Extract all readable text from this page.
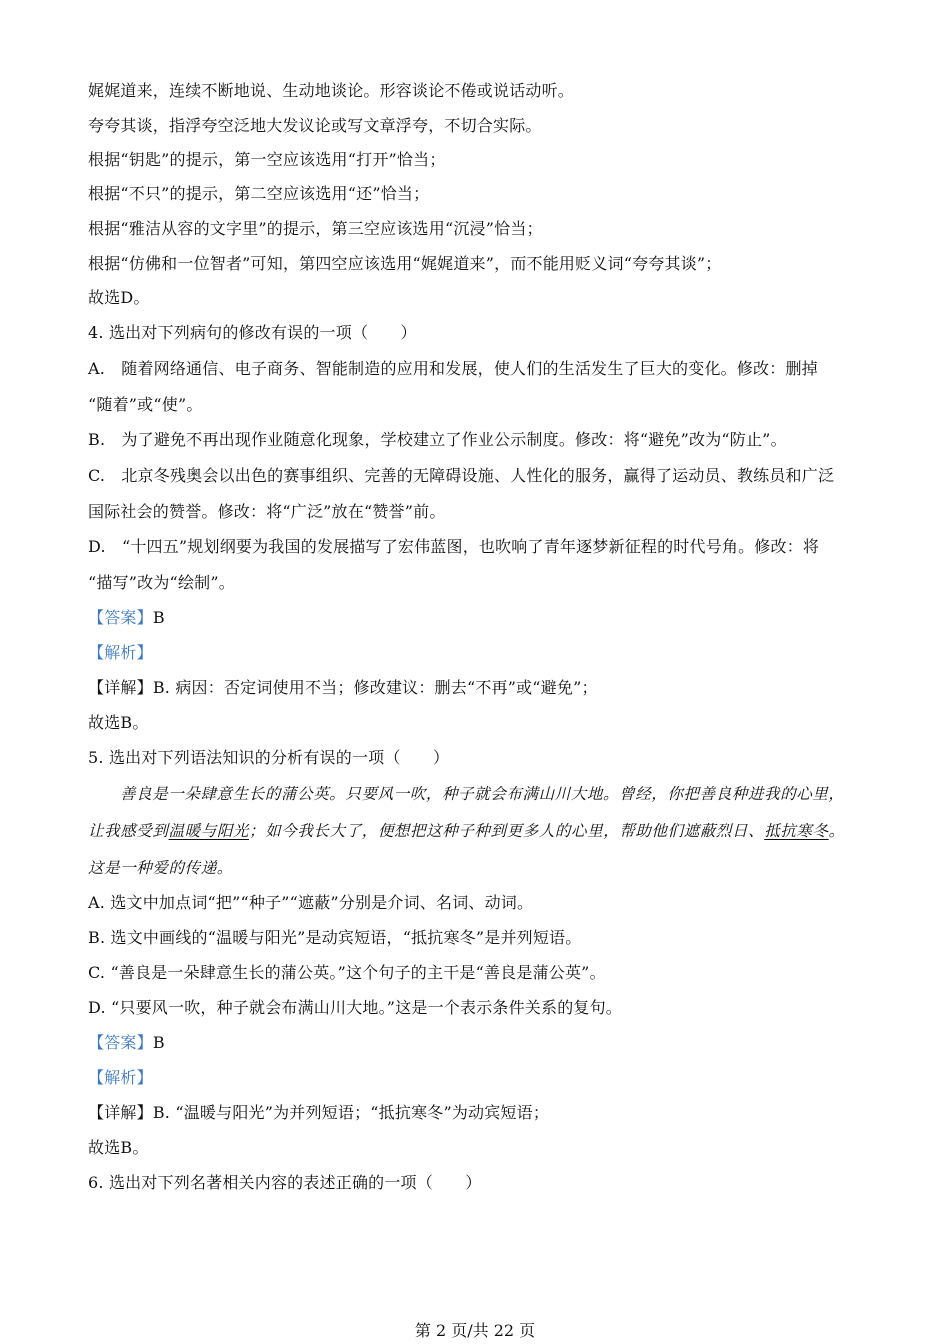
娓娓道来，连续不断地说、生动地谈论。形容谈论不倦或说话动听。
夸夸其谈，指浮夸空泛地大发议论或写文章浮夸，不切合实际。
根据“钥匙”的提示，第一空应该选用“打开”恰当；
根据“不只”的提示，第二空应该选用“还”恰当；
根据“雅洁从容的文字里”的提示，第三空应该选用“沉浸”恰当；
根据“仿佛和一位智者”可知，第四空应该选用“娓娓道来”，而不能用贬义词“夸夸其谈”；
故选D。
4. 选出对下列病句的修改有误的一项（　　）
A.　随着网络通信、电子商务、智能制造的应用和发展，使人们的生活发生了巨大的变化。修改：删掉
“随着”或“使”。
B.　为了避免不再出现作业随意化现象，学校建立了作业公示制度。修改：将“避免”改为“防止”。
C.　北京冬残奥会以出色的赛事组织、完善的无障碍设施、人性化的服务，赢得了运动员、教练员和广泛
国际社会的赞誉。修改：将“广泛”放在“赞誉”前。
D.　“十四五”规划纲要为我国的发展描写了宏伟蓝图，也吹响了青年逐梦新征程的时代号角。修改：将
“描写”改为“绘制”。
【答案】B
【解析】
【详解】B. 病因：否定词使用不当；修改建议：删去“不再”或“避免”；
故选B。
5. 选出对下列语法知识的分析有误的一项（　　）
善良是一朵肆意生长的蒲公英。只要风一吹，种子就会布满山川大地。曾经，你把善良种进我的心里，
让我感受到温暖与阳光；如今我长大了，便想把这种子种到更多人的心里，帮助他们遮蔽烈日、抵抗寒冬。
这是一种爱的传递。
A. 选文中加点词“把”“种子”“遮蔽”分别是介词、名词、动词。
B. 选文中画线的“温暖与阳光”是动宾短语，“抵抗寒冬”是并列短语。
C. “善良是一朵肆意生长的蒲公英。”这个句子的主干是“善良是蒲公英”。
D. “只要风一吹，种子就会布满山川大地。”这是一个表示条件关系的复句。
【答案】B
【解析】
【详解】B. “温暖与阳光”为并列短语；“抵抗寒冬”为动宾短语；
故选B。
6. 选出对下列名著相关内容的表述正确的一项（　　）
第 2 页/共 22 页
